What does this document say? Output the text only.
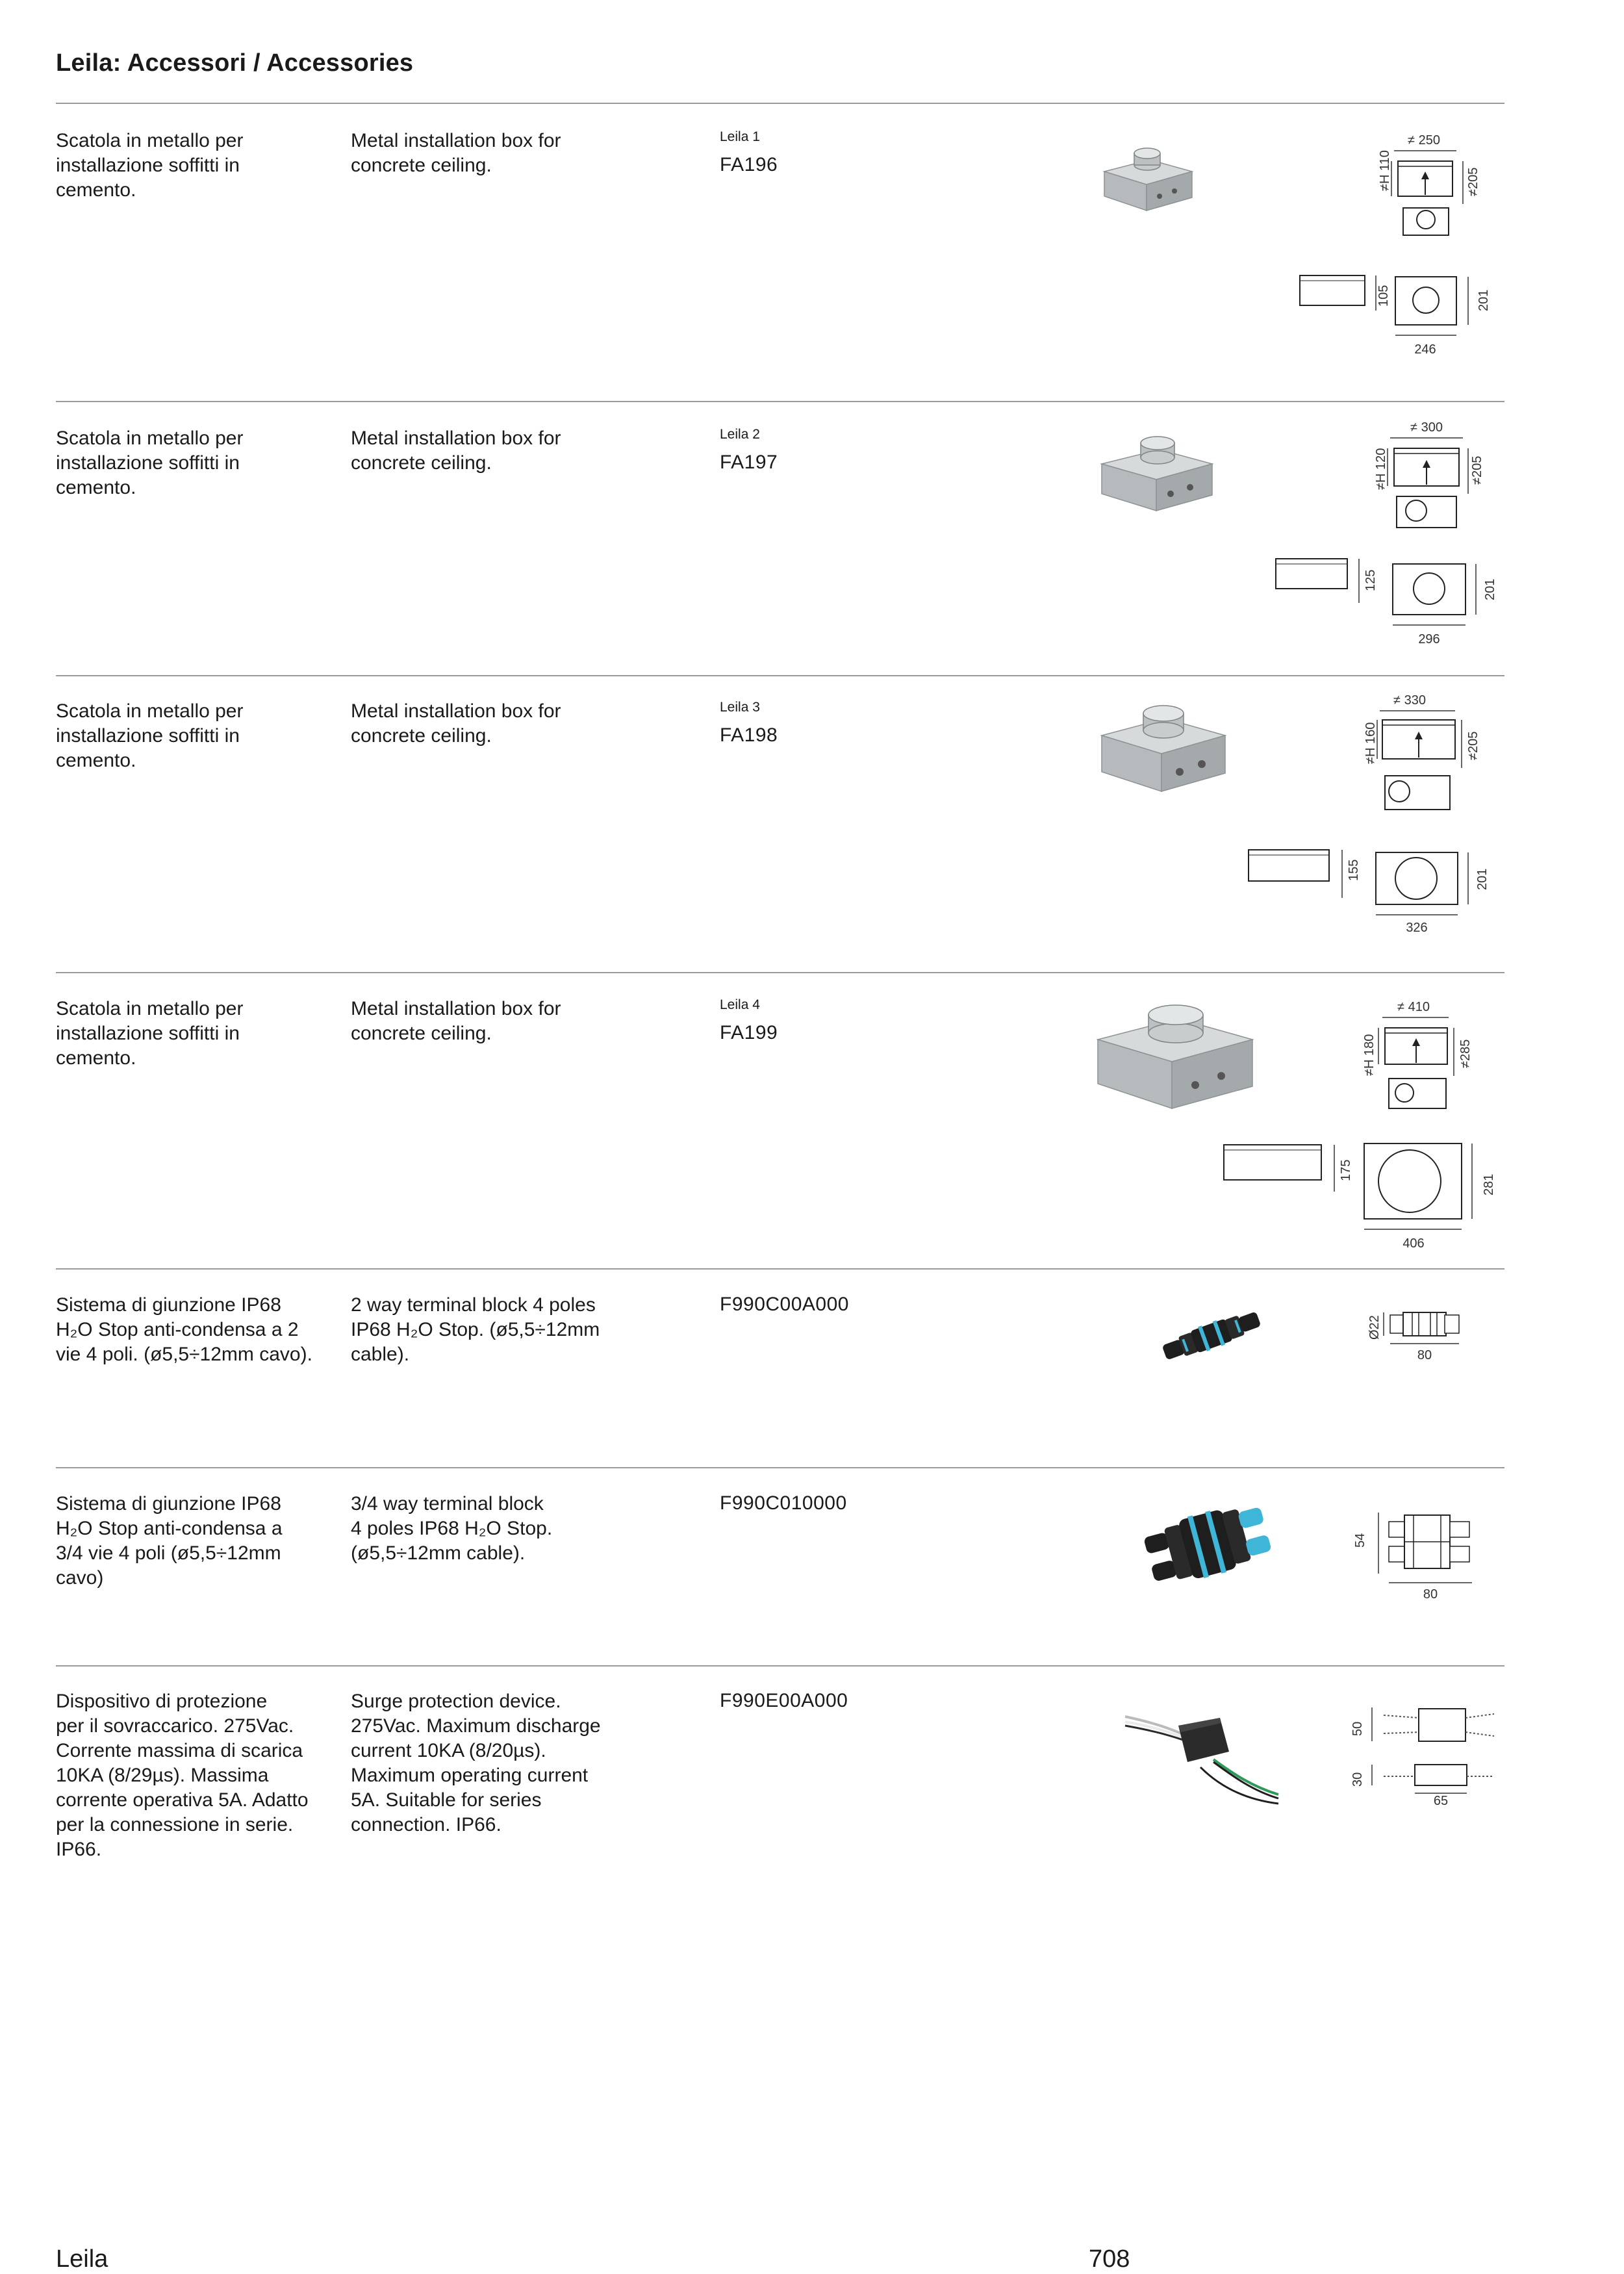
Leila: Accessori / Accessories
Scatola in metallo per
installazione soffitti in
cemento.
Metal installation box for
concrete ceiling.
Leila 1
FA196
≠ 250
≠H 110	≠205
105	201
246
Scatola in metallo per
installazione soffitti in
cemento.
Metal installation box for
concrete ceiling.
Leila 2
FA197
≠ 300
≠H 120	≠205
125	201
296
Scatola in metallo per
installazione soffitti in
cemento.
Metal installation box for
concrete ceiling.
Leila 3
FA198
≠ 330
≠H 160	≠205
155	201
326
Scatola in metallo per
installazione soffitti in
cemento.
Metal installation box for
concrete ceiling.
Leila 4
FA199
≠ 410
≠H 180	≠285
175
281
406
Sistema di giunzione IP68
H₂O Stop anti-condensa a 2
vie 4 poli. (ø5,5÷12mm cavo).
2 way terminal block 4 poles
IP68 H₂O Stop. (ø5,5÷12mm
cable).
F990C00A000
Ø22
80
Sistema di giunzione IP68
H₂O Stop anti-condensa a
3/4 vie 4 poli (ø5,5÷12mm
cavo)
3/4 way terminal block
4 poles IP68 H₂O Stop.
(ø5,5÷12mm cable).
F990C010000
54
80
Dispositivo di protezione
per il sovraccarico. 275Vac.
Corrente massima di scarica
10KA (8/29µs). Massima
corrente operativa 5A. Adatto
per la connessione in serie.
IP66.
Surge protection device.
275Vac. Maximum discharge
current 10KA (8/20µs).
Maximum operating current
5A. Suitable for series
connection. IP66.
F990E00A000
50
30
65
Leila	708
